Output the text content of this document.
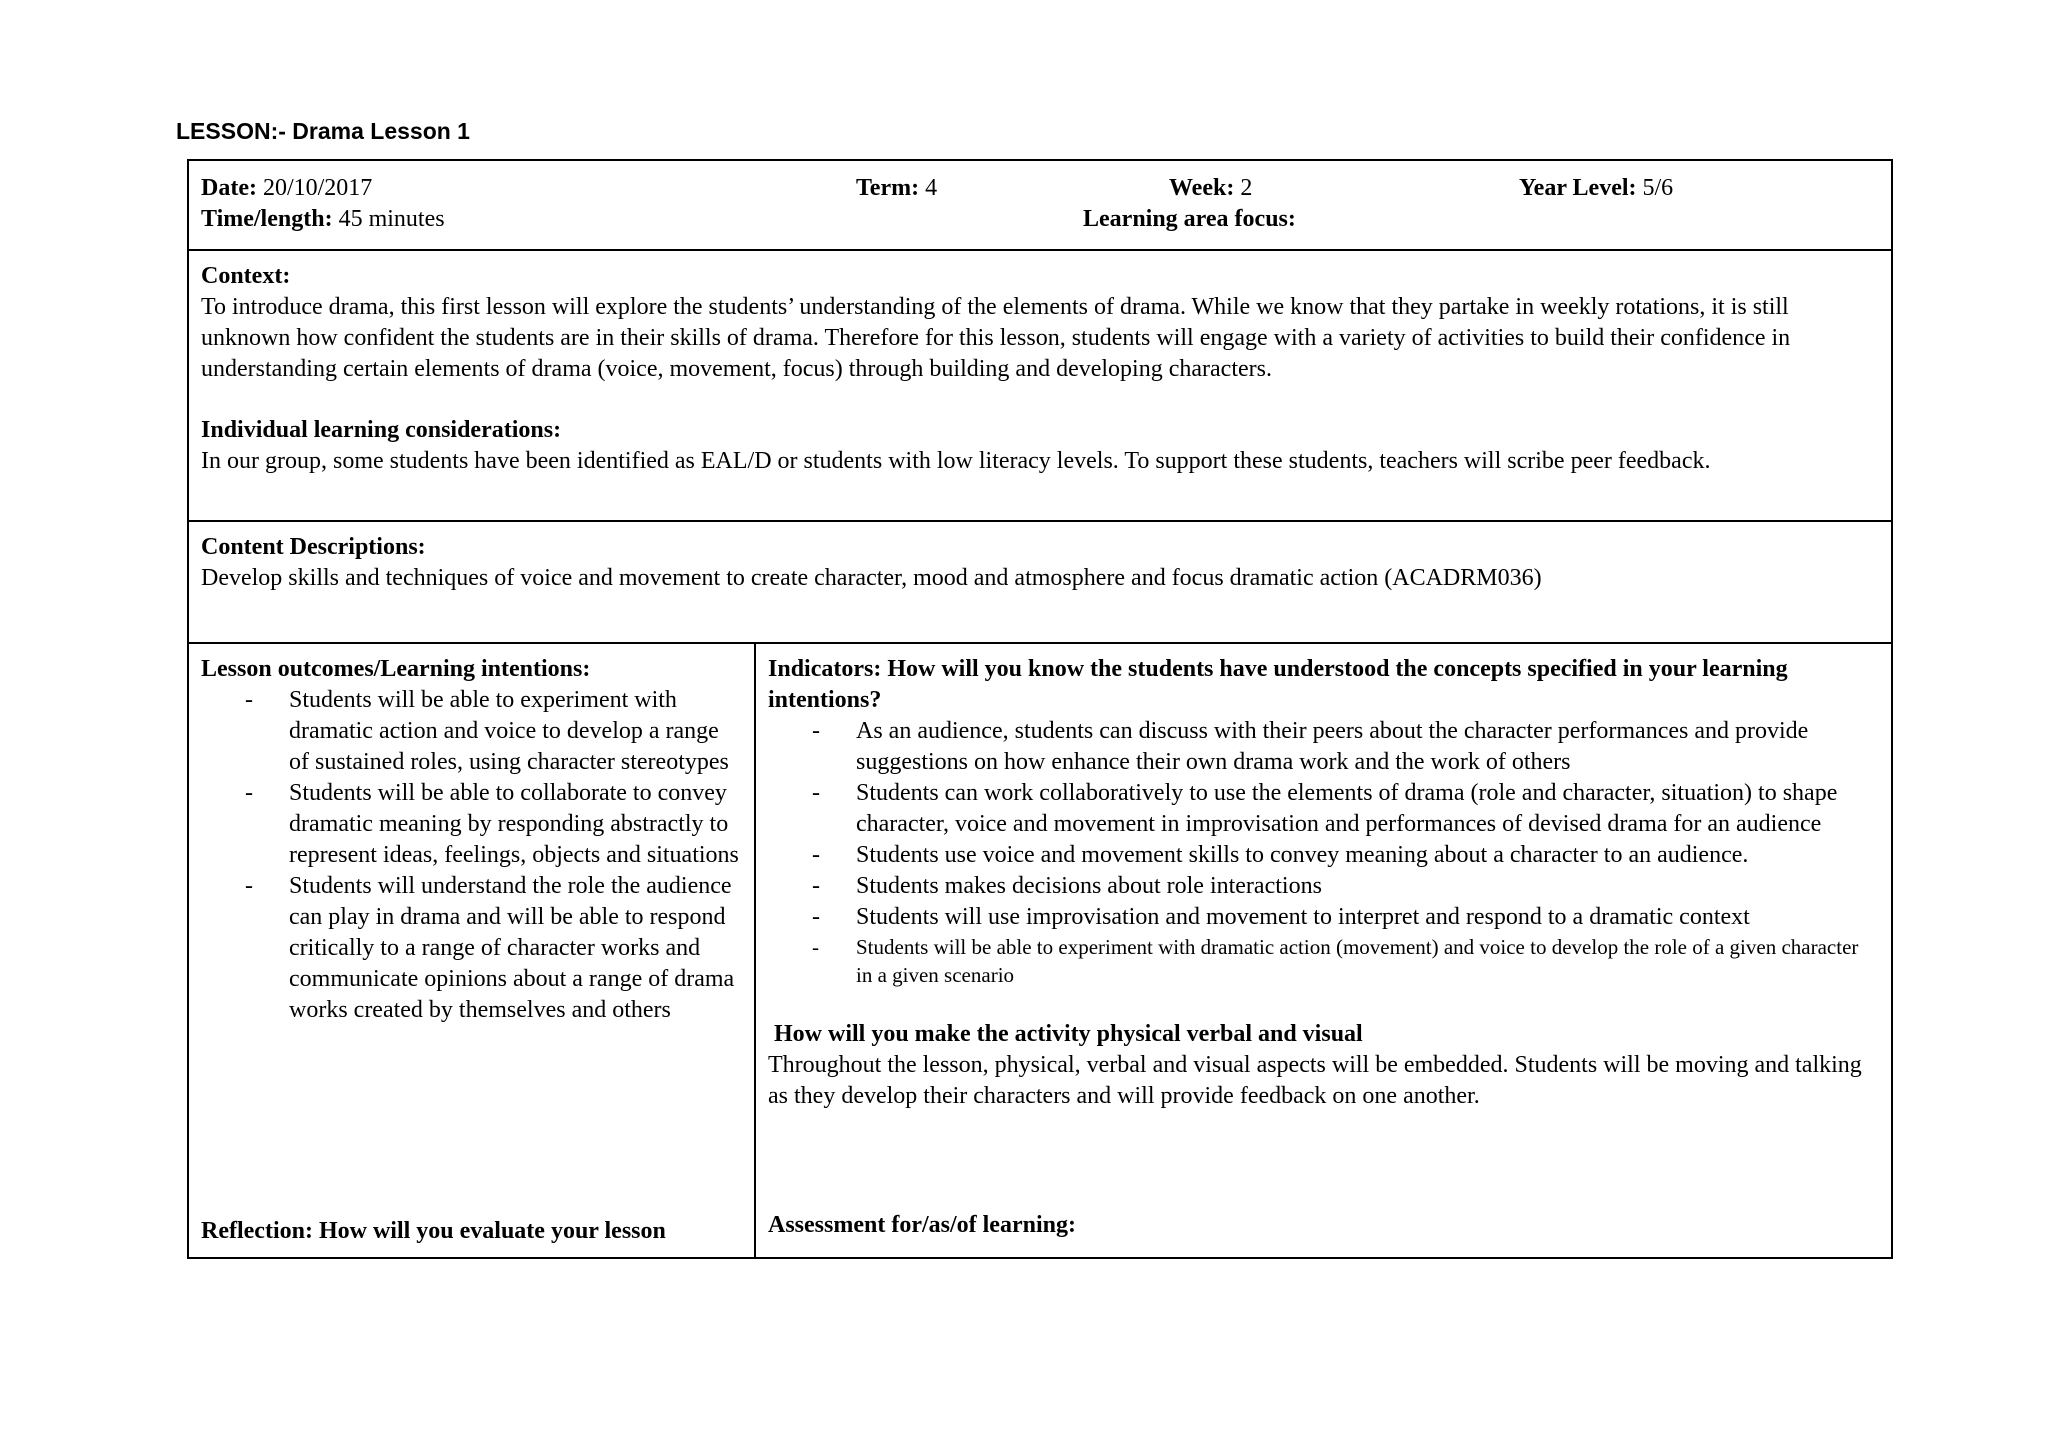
LESSON:- Drama Lesson 1
Date: 20/10/2017	Term: 4	Week: 2	Year Level: 5/6
Time/length: 45 minutes	Learning area focus:
Context:
To introduce drama, this first lesson will explore the students’ understanding of the elements of drama. While we know that they partake in weekly rotations, it is still unknown how confident the students are in their skills of drama. Therefore for this lesson, students will engage with a variety of activities to build their confidence in understanding certain elements of drama (voice, movement, focus) through building and developing characters.
Individual learning considerations:
In our group, some students have been identified as EAL/D or students with low literacy levels. To support these students, teachers will scribe peer feedback.
Content Descriptions:
Develop skills and techniques of voice and movement to create character, mood and atmosphere and focus dramatic action (ACADRM036)
Lesson outcomes/Learning intentions:
- Students will be able to experiment with dramatic action and voice to develop a range of sustained roles, using character stereotypes
- Students will be able to collaborate to convey dramatic meaning by responding abstractly to represent ideas, feelings, objects and situations
- Students will understand the role the audience can play in drama and will be able to respond critically to a range of character works and communicate opinions about a range of drama works created by themselves and others
Reflection: How will you evaluate your lesson
Indicators: How will you know the students have understood the concepts specified in your learning intentions?
- As an audience, students can discuss with their peers about the character performances and provide suggestions on how enhance their own drama work and the work of others
- Students can work collaboratively to use the elements of drama (role and character, situation) to shape character, voice and movement in improvisation and performances of devised drama for an audience
- Students use voice and movement skills to convey meaning about a character to an audience.
- Students makes decisions about role interactions
- Students will use improvisation and movement to interpret and respond to a dramatic context
- Students will be able to experiment with dramatic action (movement) and voice to develop the role of a given character in a given scenario
How will you make the activity physical verbal and visual
Throughout the lesson, physical, verbal and visual aspects will be embedded. Students will be moving and talking as they develop their characters and will provide feedback on one another.
Assessment for/as/of learning:
